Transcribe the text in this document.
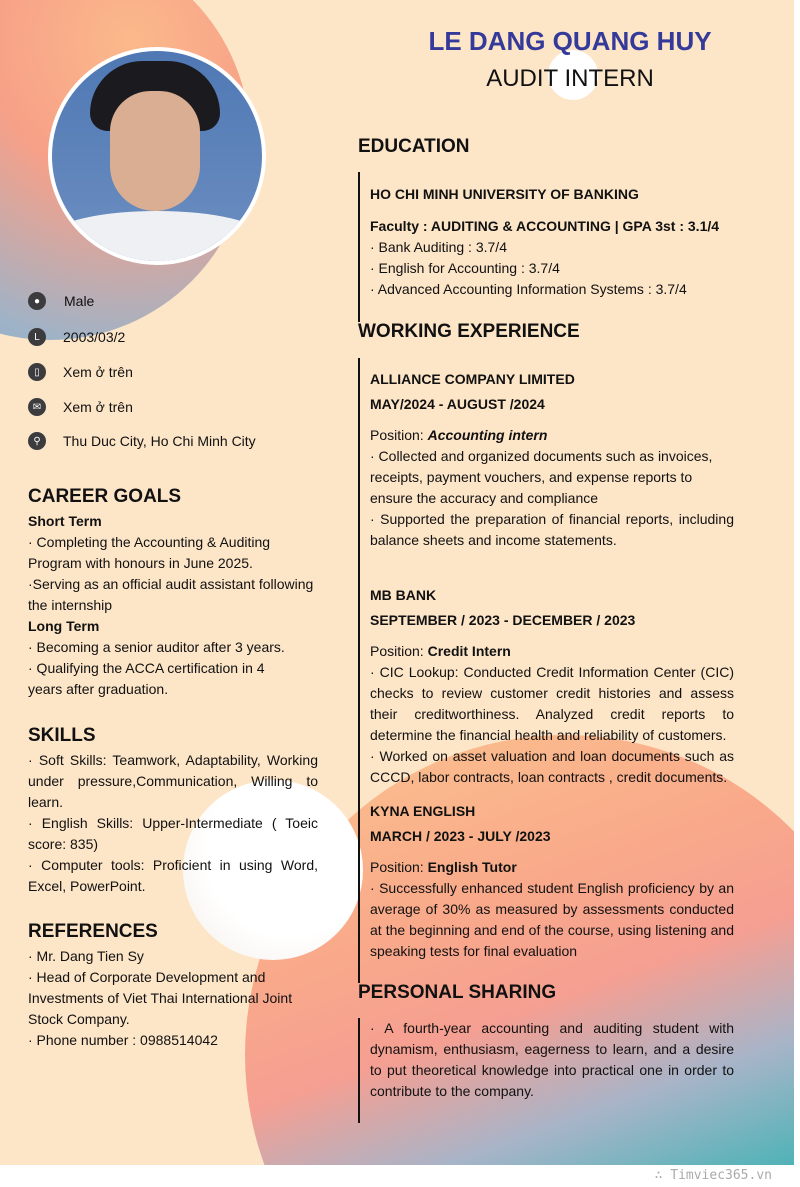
LE DANG QUANG HUY
AUDIT INTERN
●	Male
L	2003/03/2
▯	Xem ở trên
✉	Xem ở trên
⚲	Thu Duc City, Ho Chi Minh City
CAREER GOALS
Short Term
· Completing the Accounting & Auditing Program with honours in June 2025.
·Serving as an official audit assistant following the internship
Long Term
· Becoming a senior auditor after 3 years.
· Qualifying the ACCA certification in 4 years after graduation.
SKILLS
· Soft Skills: Teamwork, Adaptability, Working under pressure,Communication, Willing to learn.
· English Skills: Upper-Intermediate ( Toeic score: 835)
· Computer tools: Proficient in using Word, Excel, PowerPoint.
REFERENCES
· Mr. Dang Tien Sy
· Head of Corporate Development and Investments of Viet Thai International Joint Stock Company.
· Phone number : 0988514042
EDUCATION
HO CHI MINH UNIVERSITY OF BANKING
Faculty : AUDITING & ACCOUNTING | GPA 3st : 3.1/4
· Bank Auditing : 3.7/4
· English for Accounting : 3.7/4
· Advanced Accounting Information Systems : 3.7/4
WORKING EXPERIENCE
ALLIANCE COMPANY LIMITED
MAY/2024 - AUGUST /2024
Position: Accounting intern
· Collected and organized documents such as invoices, receipts, payment vouchers, and expense reports to ensure the accuracy and compliance
· Supported the preparation of financial reports, including balance sheets and income statements.
MB BANK
SEPTEMBER / 2023 - DECEMBER / 2023
Position: Credit Intern
· CIC Lookup: Conducted Credit Information Center (CIC) checks to review customer credit histories and assess their creditworthiness. Analyzed credit reports to determine the financial health and reliability of customers.
· Worked on asset valuation and loan documents such as CCCD, labor contracts, loan contracts , credit documents.
KYNA ENGLISH
MARCH / 2023 - JULY /2023
Position: English Tutor
· Successfully enhanced student English proficiency by an average of 30% as measured by assessments conducted at the beginning and end of the course, using listening and speaking tests for final evaluation
PERSONAL SHARING
· A fourth-year accounting and auditing student with dynamism, enthusiasm, eagerness to learn, and a desire to put theoretical knowledge into practical one in order to contribute to the company.
∴ Timviec365.vn
